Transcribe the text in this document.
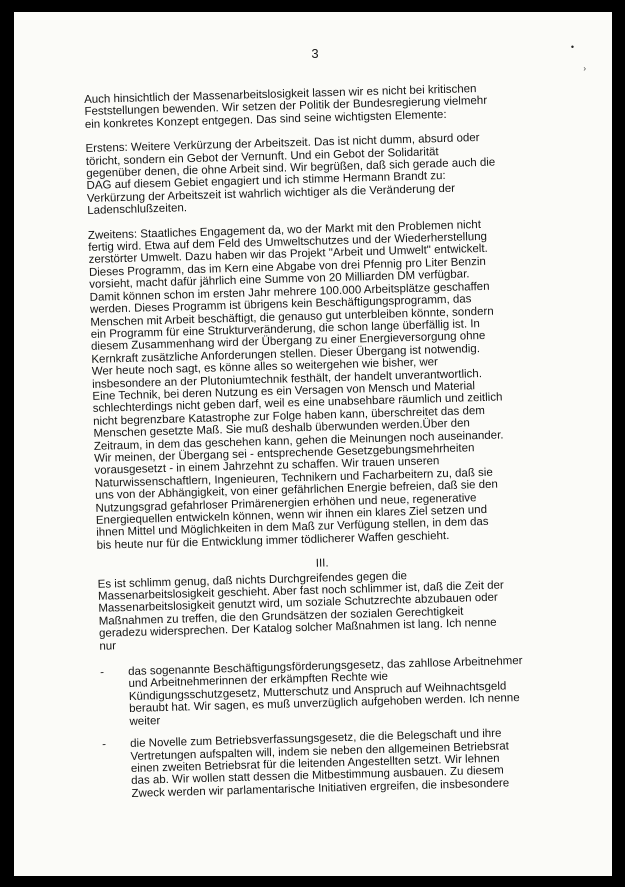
3	•
›

Auch hinsichtlich der Massenarbeitslosigkeit lassen wir es nicht bei kritischen
Feststellungen bewenden. Wir setzen der Politik der Bundesregierung vielmehr
ein konkretes Konzept entgegen. Das sind seine wichtigsten Elemente:

Erstens: Weitere Verkürzung der Arbeitszeit. Das ist nicht dumm, absurd oder
töricht, sondern ein Gebot der Vernunft. Und ein Gebot der Solidarität
gegenüber denen, die ohne Arbeit sind. Wir begrüßen, daß sich gerade auch die
DAG auf diesem Gebiet engagiert und ich stimme Hermann Brandt zu:
Verkürzung der Arbeitszeit ist wahrlich wichtiger als die Veränderung der
Ladenschlußzeiten.

Zweitens: Staatliches Engagement da, wo der Markt mit den Problemen nicht
fertig wird. Etwa auf dem Feld des Umweltschutzes und der Wiederherstellung
zerstörter Umwelt. Dazu haben wir das Projekt "Arbeit und Umwelt" entwickelt.
Dieses Programm, das im Kern eine Abgabe von drei Pfennig pro Liter Benzin
vorsieht, macht dafür jährlich eine Summe von 20 Milliarden DM verfügbar.
Damit können schon im ersten Jahr mehrere 100.000 Arbeitsplätze geschaffen
werden. Dieses Programm ist übrigens kein Beschäftigungsprogramm, das
Menschen mit Arbeit beschäftigt, die genauso gut unterbleiben könnte, sondern
ein Programm für eine Strukturveränderung, die schon lange überfällig ist. In
diesem Zusammenhang wird der Übergang zu einer Energieversorgung ohne
Kernkraft zusätzliche Anforderungen stellen. Dieser Übergang ist notwendig.
Wer heute noch sagt, es könne alles so weitergehen wie bisher, wer
insbesondere an der Plutoniumtechnik festhält, der handelt unverantwortlich.
Eine Technik, bei deren Nutzung es ein Versagen von Mensch und Material
schlechterdings nicht geben darf, weil es eine unabsehbare räumlich und zeitlich
nicht begrenzbare Katastrophe zur Folge haben kann, überschreitet das dem
Menschen gesetzte Maß. Sie muß deshalb überwunden werden.Über den
Zeitraum, in dem das geschehen kann, gehen die Meinungen noch auseinander.
Wir meinen, der Übergang sei - entsprechende Gesetzgebungsmehrheiten
vorausgesetzt - in einem Jahrzehnt zu schaffen. Wir trauen unseren
Naturwissenschaftlern, Ingenieuren, Technikern und Facharbeitern zu, daß sie
uns von der Abhängigkeit, von einer gefährlichen Energie befreien, daß sie den
Nutzungsgrad gefahrloser Primärenergien erhöhen und neue, regenerative
Energiequellen entwickeln können, wenn wir ihnen ein klares Ziel setzen und
ihnen Mittel und Möglichkeiten in dem Maß zur Verfügung stellen, in dem das
bis heute nur für die Entwicklung immer tödlicherer Waffen geschieht.

III.

Es ist schlimm genug, daß nichts Durchgreifendes gegen die
Massenarbeitslosigkeit geschieht. Aber fast noch schlimmer ist, daß die Zeit der
Massenarbeitslosigkeit genutzt wird, um soziale Schutzrechte abzubauen oder
Maßnahmen zu treffen, die den Grundsätzen der sozialen Gerechtigkeit
geradezu widersprechen. Der Katalog solcher Maßnahmen ist lang. Ich nenne
nur

-	das sogenannte Beschäftigungsförderungsgesetz, das zahllose Arbeitnehmer
und Arbeitnehmerinnen der erkämpften Rechte wie
Kündigungsschutzgesetz, Mutterschutz und Anspruch auf Weihnachtsgeld
beraubt hat. Wir sagen, es muß unverzüglich aufgehoben werden. Ich nenne
weiter
-	die Novelle zum Betriebsverfassungsgesetz, die die Belegschaft und ihre
Vertretungen aufspalten will, indem sie neben den allgemeinen Betriebsrat
einen zweiten Betriebsrat für die leitenden Angestellten setzt. Wir lehnen
das ab. Wir wollen statt dessen die Mitbestimmung ausbauen. Zu diesem
Zweck werden wir parlamentarische Initiativen ergreifen, die insbesondere
